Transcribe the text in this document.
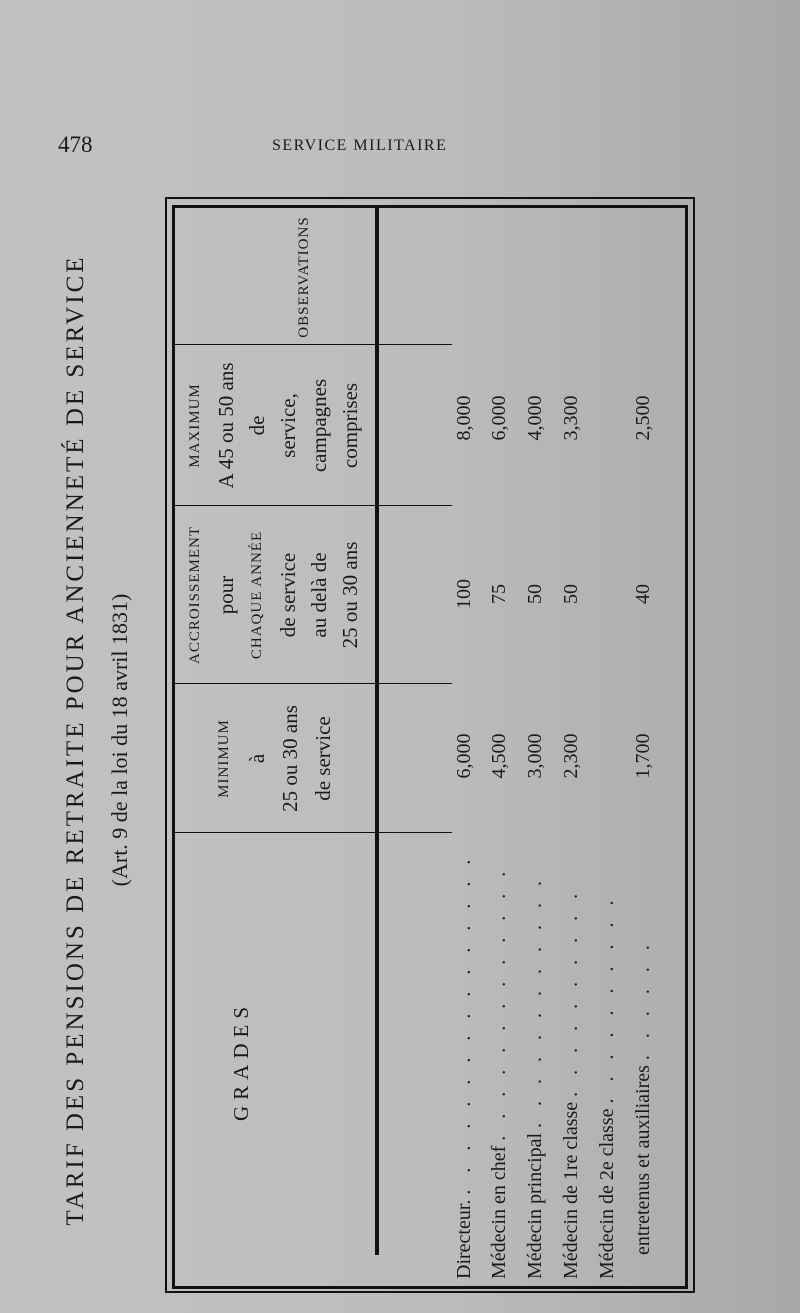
478	SERVICE MILITAIRE
TARIF DES PENSIONS DE RETRAITE POUR ANCIENNETÉ DE SERVICE (Art. 9 de la loi du 18 avril 1831)
GRADES
MINIMUM à 25 ou 30 ans de service
ACCROISSEMENT pour CHAQUE ANNÉE de service au delà de 25 ou 30 ans
MAXIMUM A 45 ou 50 ans de service, campagnes comprises
OBSERVATIONS
Directeur. . . . . . . . . . . . . . . . .
6,000
100
8,000
Médecin en chef . . . . . . . . . . . . .
4,500
75
6,000
Médecin principal . . . . . . . . . . . .
3,000
50
4,000
Médecin de 1re classe . . . . . . . . . .
2,300
50
3,300
Médecin de 2e classe . . . . . . . . . .
entretenus et auxiliaires . . . . . .
1,700
40
2,500
